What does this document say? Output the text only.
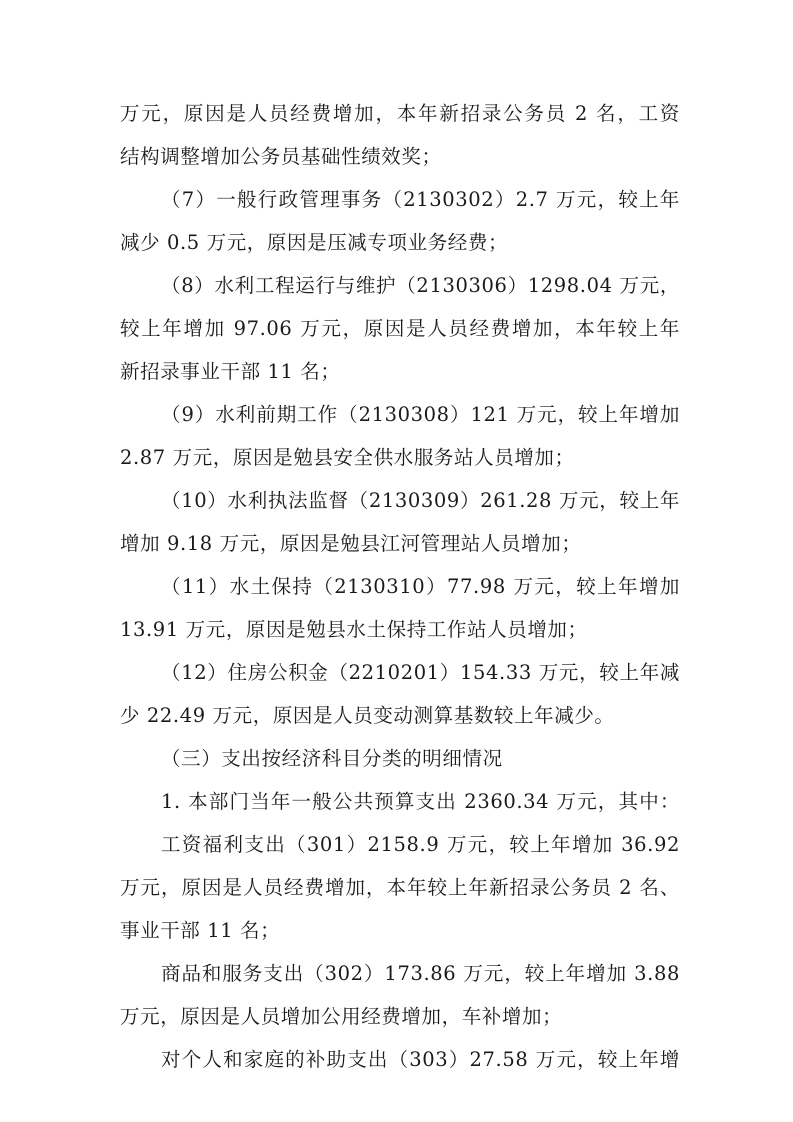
万元，原因是人员经费增加，本年新招录公务员 2 名，工资
结构调整增加公务员基础性绩效奖；
（7）一般行政管理事务（2130302）2.7 万元，较上年
减少 0.5 万元，原因是压减专项业务经费；
（8）水利工程运行与维护（2130306）1298.04 万元，
较上年增加 97.06 万元，原因是人员经费增加，本年较上年
新招录事业干部 11 名；
（9）水利前期工作（2130308）121 万元，较上年增加
2.87 万元，原因是勉县安全供水服务站人员增加；
（10）水利执法监督（2130309）261.28 万元，较上年
增加 9.18 万元，原因是勉县江河管理站人员增加；
（11）水土保持（2130310）77.98 万元，较上年增加
13.91 万元，原因是勉县水土保持工作站人员增加；
（12）住房公积金（2210201）154.33 万元，较上年减
少 22.49 万元，原因是人员变动测算基数较上年减少。
（三）支出按经济科目分类的明细情况
1. 本部门当年一般公共预算支出 2360.34 万元，其中：
工资福利支出（301）2158.9 万元，较上年增加 36.92
万元，原因是人员经费增加，本年较上年新招录公务员 2 名、
事业干部 11 名；
商品和服务支出（302）173.86 万元，较上年增加 3.88
万元，原因是人员增加公用经费增加，车补增加；
对个人和家庭的补助支出（303）27.58 万元，较上年增
